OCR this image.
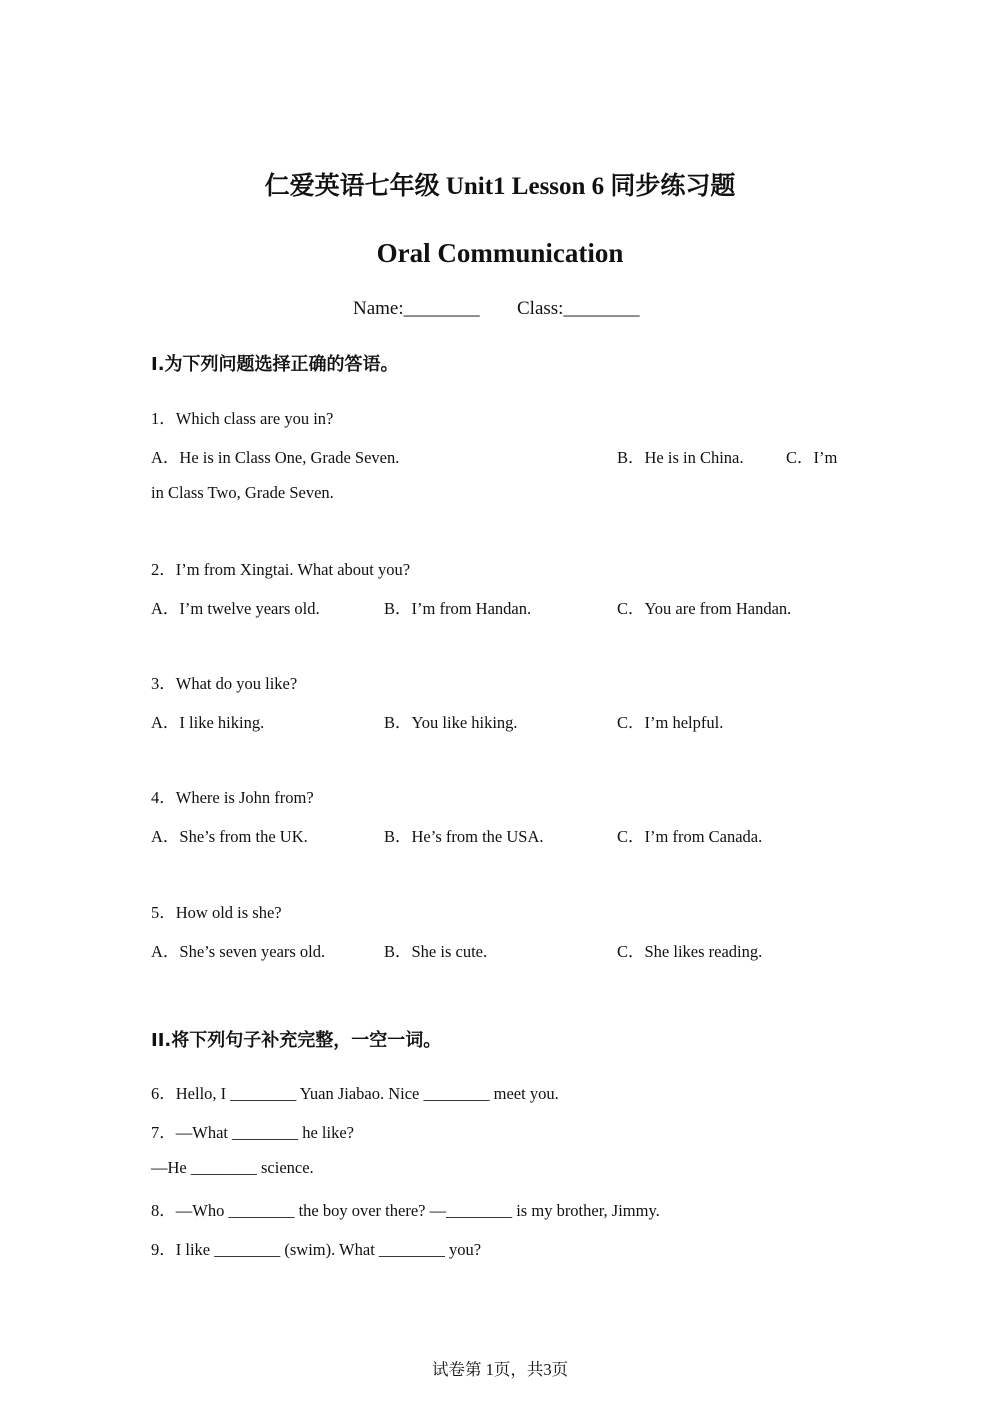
仁爱英语七年级 Unit1 Lesson 6 同步练习题
Oral Communication
Name:________ Class:________
I.为下列问题选择正确的答语。
1．Which class are you in?
A．He is in Class One, Grade Seven.	B．He is in China.	C．I’m
in Class Two, Grade Seven.
2．I’m from Xingtai. What about you?
A．I’m twelve years old.	B．I’m from Handan.	C．You are from Handan.
3．What do you like?
A．I like hiking.	B．You like hiking.	C．I’m helpful.
4．Where is John from?
A．She’s from the UK.	B．He’s from the USA.	C．I’m from Canada.
5．How old is she?
A．She’s seven years old.	B．She is cute.	C．She likes reading.
II.将下列句子补充完整，一空一词。
6．Hello, I ________ Yuan Jiabao. Nice ________ meet you.
7．—What ________ he like?
—He ________ science.
8．—Who ________ the boy over there? —________ is my brother, Jimmy.
9．I like ________ (swim). What ________ you?
试卷第 1页，共3页
